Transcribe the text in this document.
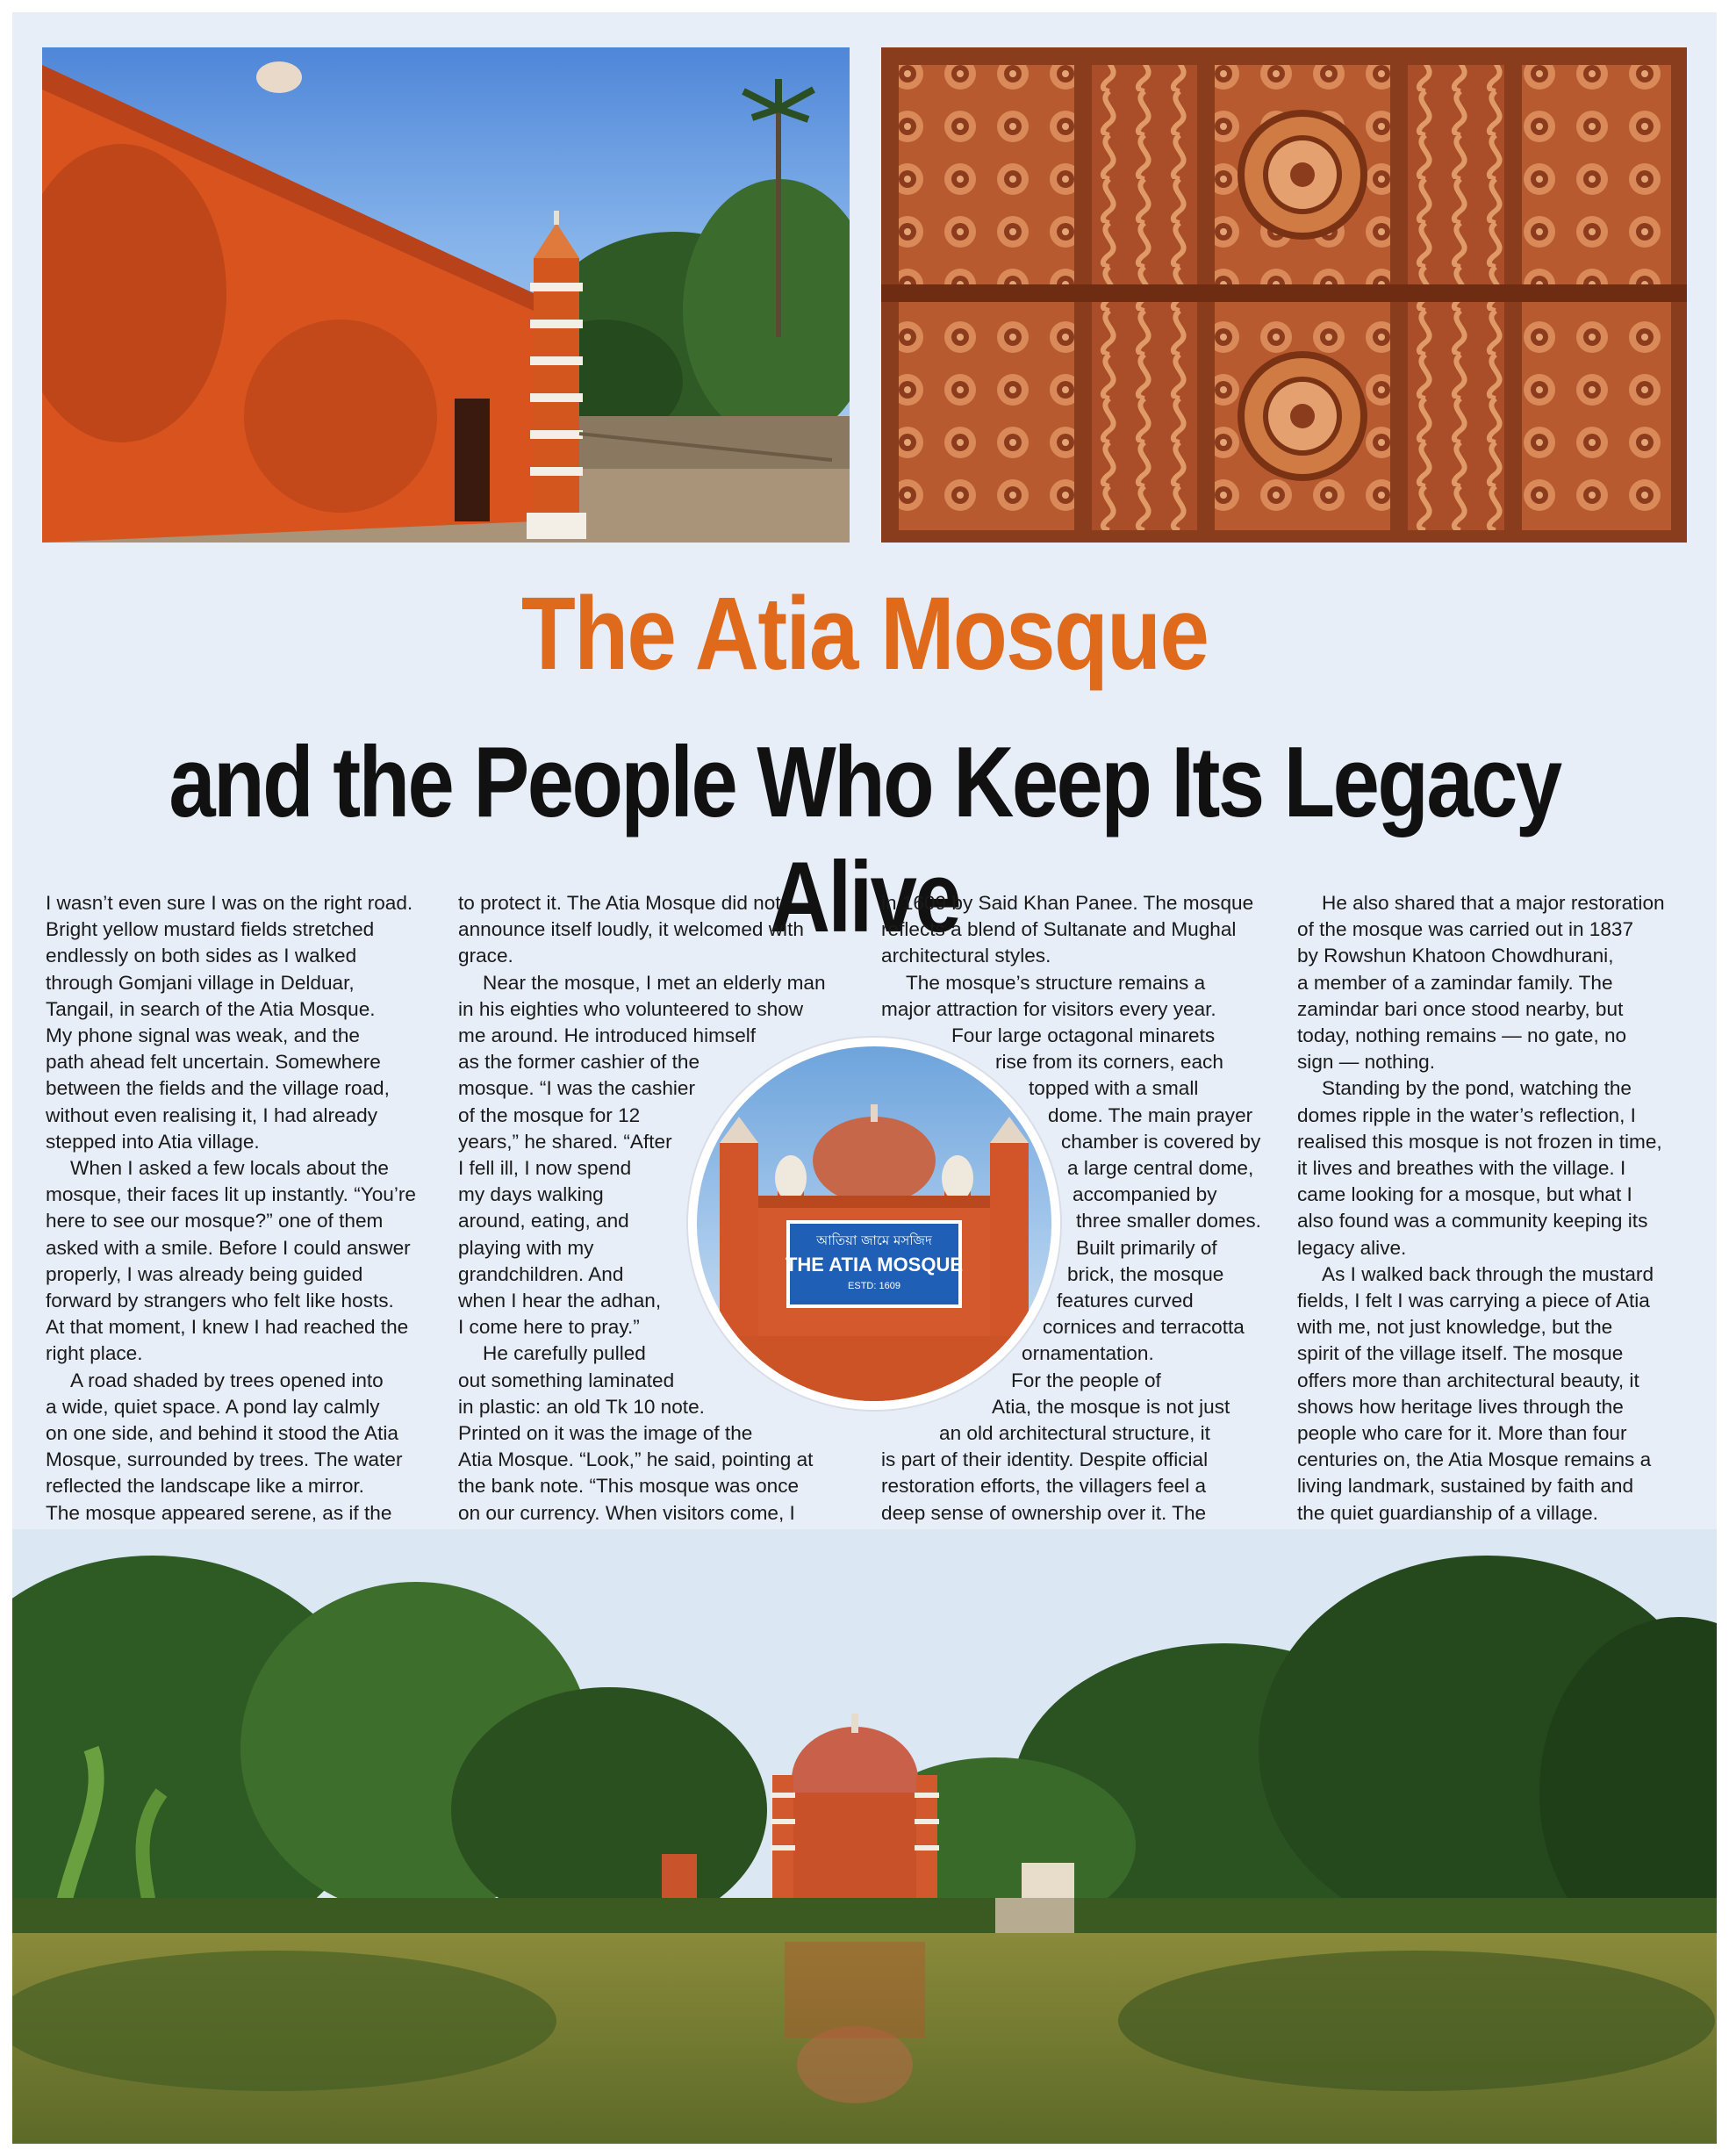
The Atia Mosque
and the People Who Keep Its Legacy Alive

I wasn’t even sure I was on the right road.
Bright yellow mustard fields stretched
endlessly on both sides as I walked
through Gomjani village in Delduar,
Tangail, in search of the Atia Mosque.
My phone signal was weak, and the
path ahead felt uncertain. Somewhere
between the fields and the village road,
without even realising it, I had already
stepped into Atia village.

When I asked a few locals about the
mosque, their faces lit up instantly. “You’re
here to see our mosque?” one of them
asked with a smile. Before I could answer
properly, I was already being guided
forward by strangers who felt like hosts.
At that moment, I knew I had reached the
right place.

A road shaded by trees opened into
a wide, quiet space. A pond lay calmly
on one side, and behind it stood the Atia
Mosque, surrounded by trees. The water
reflected the landscape like a mirror.
The mosque appeared serene, as if the

to protect it. The Atia Mosque did not
announce itself loudly, it welcomed with
grace.

Near the mosque, I met an elderly man
in his eighties who volunteered to show
me around. He introduced himself
as the former cashier of the
mosque. “I was the cashier
of the mosque for 12
years,” he shared. “After
I fell ill, I now spend
my days walking
around, eating, and
playing with my
grandchildren. And
when I hear the adhan,
I come here to pray.”

He carefully pulled
out something laminated
in plastic: an old Tk 10 note.
Printed on it was the image of the
Atia Mosque. “Look,” he said, pointing at
the bank note. “This mosque was once
on our currency. When visitors come, I

in 1609 by Said Khan Panee. The mosque
reflects a blend of Sultanate and Mughal
architectural styles.

The mosque’s structure remains a
major attraction for visitors every year.
Four large octagonal minarets
rise from its corners, each
topped with a small
dome. The main prayer
chamber is covered by
a large central dome,
accompanied by
three smaller domes.
Built primarily of
brick, the mosque
features curved
cornices and terracotta
ornamentation.

For the people of
Atia, the mosque is not just
an old architectural structure, it
is part of their identity. Despite official
restoration efforts, the villagers feel a
deep sense of ownership over it. The

He also shared that a major restoration
of the mosque was carried out in 1837
by Rowshun Khatoon Chowdhurani,
a member of a zamindar family. The
zamindar bari once stood nearby, but
today, nothing remains — no gate, no
sign — nothing.

Standing by the pond, watching the
domes ripple in the water’s reflection, I
realised this mosque is not frozen in time,
it lives and breathes with the village. I
came looking for a mosque, but what I
also found was a community keeping its
legacy alive.

As I walked back through the mustard
fields, I felt I was carrying a piece of Atia
with me, not just knowledge, but the
spirit of the village itself. The mosque
offers more than architectural beauty, it
shows how heritage lives through the
people who care for it. More than four
centuries on, the Atia Mosque remains a
living landmark, sustained by faith and
the quiet guardianship of a village.

আতিয়া জামে মসজিদ
THE ATIA MOSQUE
ESTD: 1609
